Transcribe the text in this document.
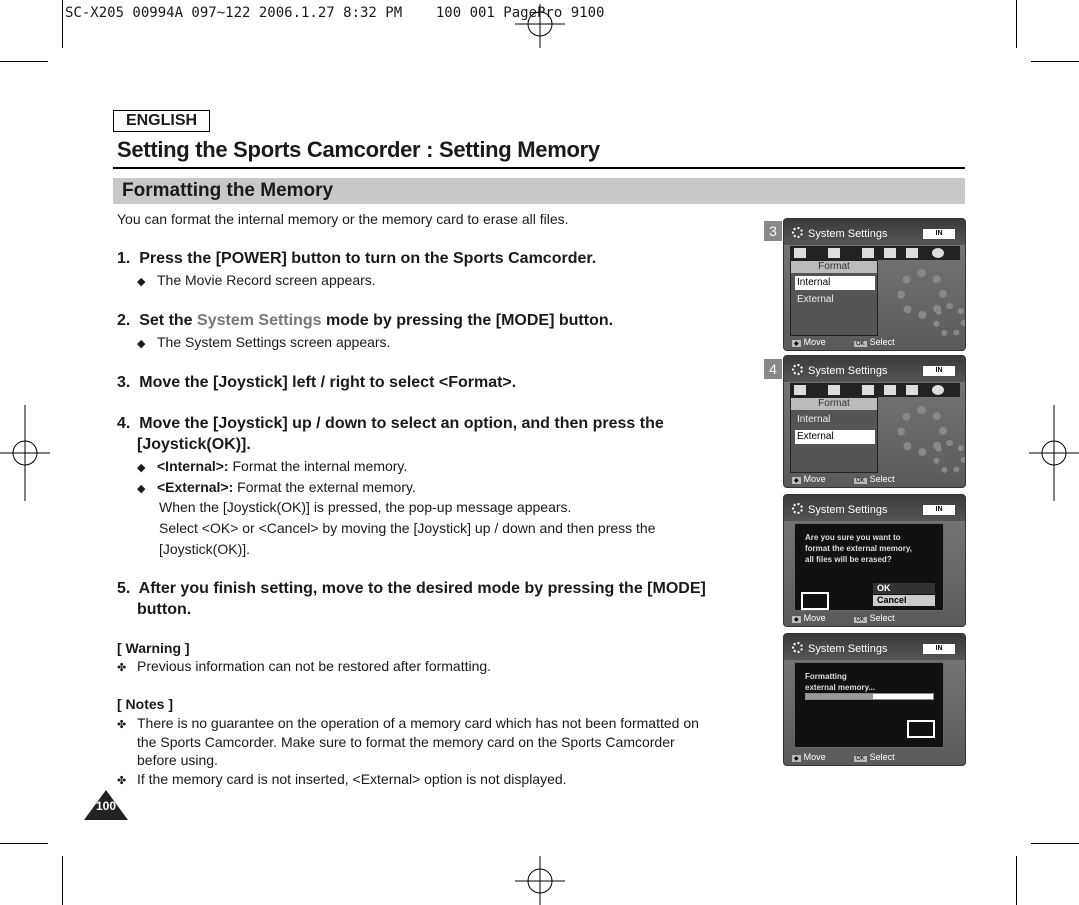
SC-X205 00994A 097~122 2006.1.27 8:32 PM    100 001 PagePro 9100
ENGLISH
Setting the Sports Camcorder : Setting Memory
Formatting the Memory
You can format the internal memory or the memory card to erase all files.
1. Press the [POWER] button to turn on the Sports Camcorder.
◆ The Movie Record screen appears.
2. Set the System Settings mode by pressing the [MODE] button.
◆ The System Settings screen appears.
3. Move the [Joystick] left / right to select <Format>.
4. Move the [Joystick] up / down to select an option, and then press the
[Joystick(OK)].
◆ <Internal>: Format the internal memory.
◆ <External>: Format the external memory.
When the [Joystick(OK)] is pressed, the pop-up message appears.
Select <OK> or <Cancel> by moving the [Joystick] up / down and then press the
[Joystick(OK)].
5. After you finish setting, move to the desired mode by pressing the [MODE]
button.
[ Warning ]
✤ Previous information can not be restored after formatting.
[ Notes ]
✤ There is no guarantee on the operation of a memory card which has not been formatted on
the Sports Camcorder. Make sure to format the memory card on the Sports Camcorder
before using.
✤ If the memory card is not inserted, <External> option is not displayed.
100
3	System Settings	IN
Format
Internal
External
◆ Move	OK Select
4	System Settings	IN
Format
Internal
External
◆ Move	OK Select
System Settings	IN
Are you sure you want to
format the external memory,
all files will be erased?
OK
Cancel
◆ Move	OK Select
System Settings	IN
Formatting
external memory...
◆ Move	OK Select
